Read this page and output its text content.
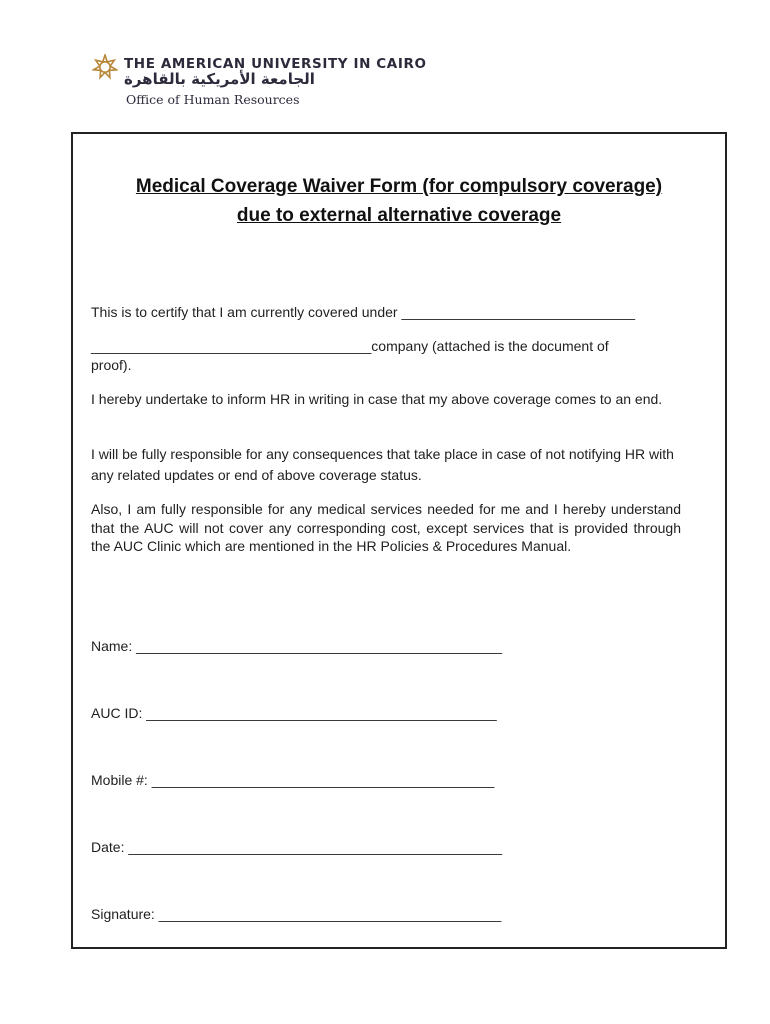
THE AMERICAN UNIVERSITY IN CAIRO
الجامعة الأمريكية بالقاهرة
Office of Human Resources
Medical Coverage Waiver Form (for compulsory coverage)
due to external alternative coverage
This is to certify that I am currently covered under ______________________________
____________________________________company (attached is the document of
proof).
I hereby undertake to inform HR in writing in case that my above coverage comes to an end.
I will be fully responsible for any consequences that take place in case of not notifying HR with any related updates or end of above coverage status.
Also, I am fully responsible for any medical services needed for me and I hereby understand that the AUC will not cover any corresponding cost, except services that is provided through the AUC Clinic which are mentioned in the HR Policies & Procedures Manual.
Name: _______________________________________________
AUC ID: _____________________________________________
Mobile #: ____________________________________________
Date: ________________________________________________
Signature: ____________________________________________
